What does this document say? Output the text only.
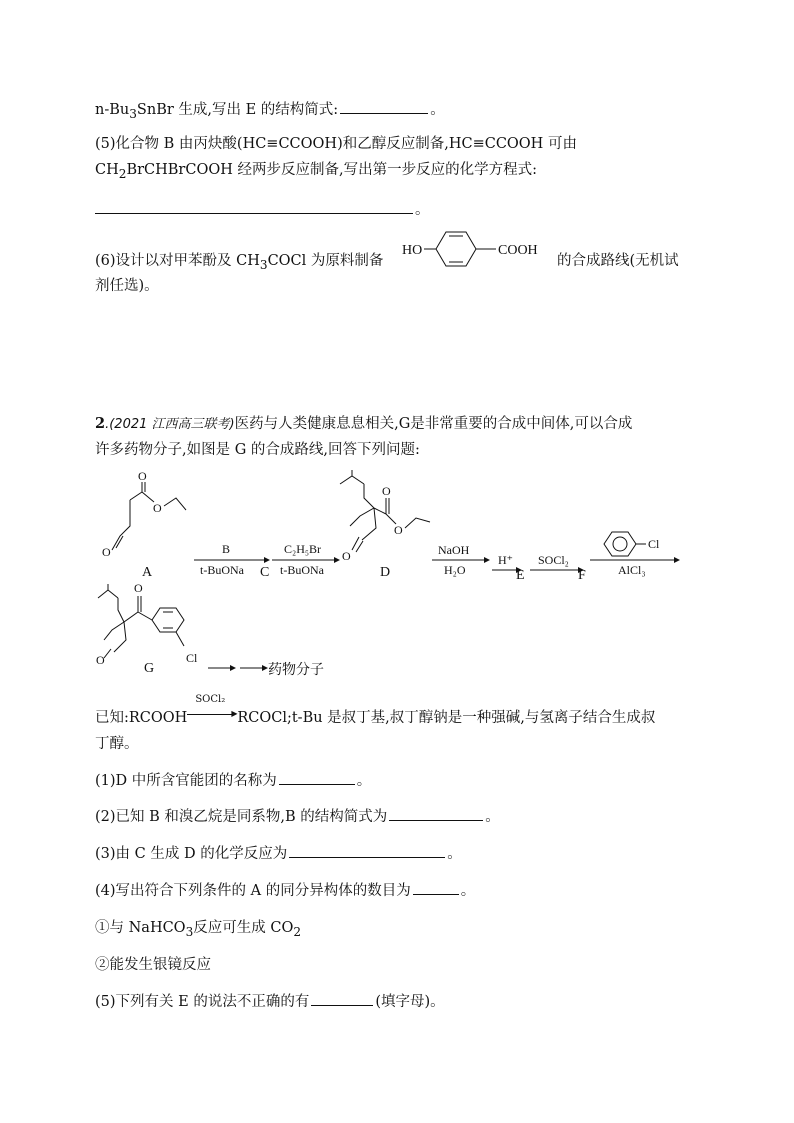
$n-Bu_3SnBr$ 生成,写出 E 的结构简式:	。
(5)化合物 B 由丙炔酸(HC≡CCOOH)和乙醇反应制备,HC≡CCOOH 可由
$CH_2BrCHBrCOOH$ 经两步反应制备,写出第一步反应的化学方程式:
。
(6)设计以对甲苯酚及 $CH_3COCl$ 为原料制备
HO	COOH
的合成路线(无机试
剂任选)。
2.(2021 江西高三联考)医药与人类健康息息相关,G是非常重要的合成中间体,可以合成
许多药物分子,如图是 G 的合成路线,回答下列问题:
O
O
O
A
B
t-BuONa C
C₂H₅Br
t-BuONa
O
O
O
D
NaOH
H₂O
H⁺
E
SOCl₂
F
Cl
AlCl₃
O
O
Cl
G	药物分子
已知:RCOOH
SOCl₂
▶ RCOCl;t-Bu 是叔丁基,叔丁醇钠是一种强碱,与氢离子结合生成叔
丁醇。
(1)D 中所含官能团的名称为	。
(2)已知 B 和溴乙烷是同系物,B 的结构简式为	。
(3)由 C 生成 D 的化学反应为	。
(4)写出符合下列条件的 A 的同分异构体的数目为	。
①与 NaHCO$_3$反应可生成 $CO_2$
②能发生银镜反应
(5)下列有关 E 的说法不正确的有	(填字母)。
